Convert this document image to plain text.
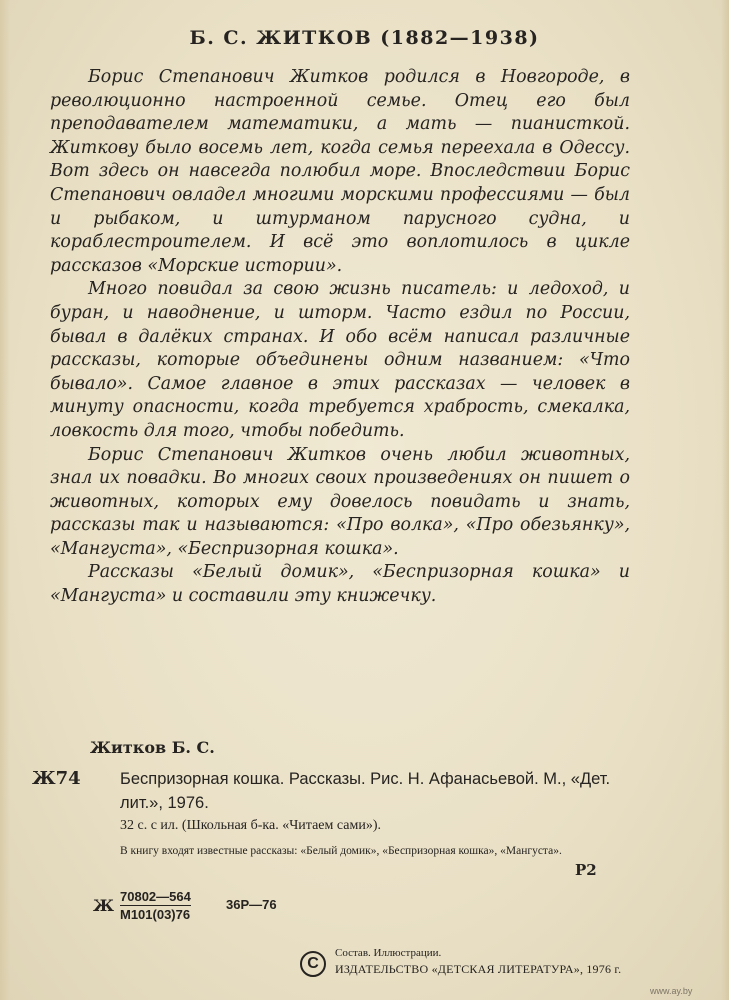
Б. С. ЖИТКОВ (1882—1938)

Борис Степанович Житков родился в Новгороде, в революционно настроенной семье. Отец его был преподавателем математики, а мать — пианисткой. Житкову было восемь лет, когда семья переехала в Одессу. Вот здесь он навсегда полюбил море. Впоследствии Борис Степанович овладел многими морскими профессиями — был и рыбаком, и штурманом парусного судна, и кораблестроителем. И всё это воплотилось в цикле рассказов «Морские истории».

Много повидал за свою жизнь писатель: и ледоход, и буран, и наводнение, и шторм. Часто ездил по России, бывал в далёких странах. И обо всём написал различные рассказы, которые объединены одним названием: «Что бывало». Самое главное в этих рассказах — человек в минуту опасности, когда требуется храбрость, смекалка, ловкость для того, чтобы победить.

Борис Степанович Житков очень любил животных, знал их повадки. Во многих своих произведениях он пишет о животных, которых ему довелось повидать и знать, рассказы так и называются: «Про волка», «Про обезьянку», «Мангуста», «Беспризорная кошка».

Рассказы «Белый домик», «Беспризорная кошка» и «Мангуста» и составили эту книжечку.

Житков Б. С.
Ж74 Беспризорная кошка. Рассказы. Рис. Н. Афанасьевой. М., «Дет. лит.», 1976.
32 с. с ил. (Школьная б-ка. «Читаем сами»).
В книгу входят известные рассказы: «Белый домик», «Беспризорная кошка», «Мангуста».
Р2
Ж 70802—564
М101(03)76
36Р—76
C
Состав. Иллюстрации.
ИЗДАТЕЛЬСТВО «ДЕТСКАЯ ЛИТЕРАТУРА», 1976 г.
www.ay.by
